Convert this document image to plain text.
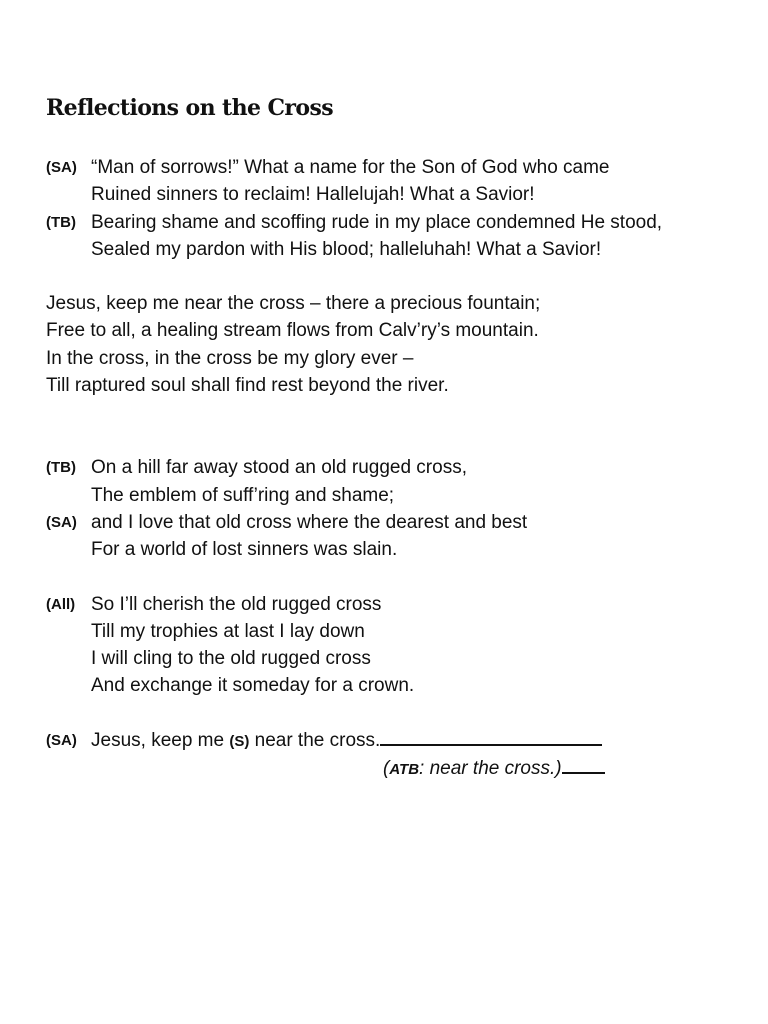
Reflections on the Cross
(SA) “Man of sorrows!” What a name for the Son of God who came
Ruined sinners to reclaim! Hallelujah! What a Savior!
(TB) Bearing shame and scoffing rude in my place condemned He stood,
Sealed my pardon with His blood; halleluhah! What a Savior!
Jesus, keep me near the cross – there a precious fountain;
Free to all, a healing stream flows from Calv’ry’s mountain.
In the cross, in the cross be my glory ever –
Till raptured soul shall find rest beyond the river.
(TB) On a hill far away stood an old rugged cross,
The emblem of suff’ring and shame;
(SA) and I love that old cross where the dearest and best
For a world of lost sinners was slain.
(All) So I’ll cherish the old rugged cross
Till my trophies at last I lay down
I will cling to the old rugged cross
And exchange it someday for a crown.
(SA) Jesus, keep me (S) near the cross.
(ATB: near the cross.)
